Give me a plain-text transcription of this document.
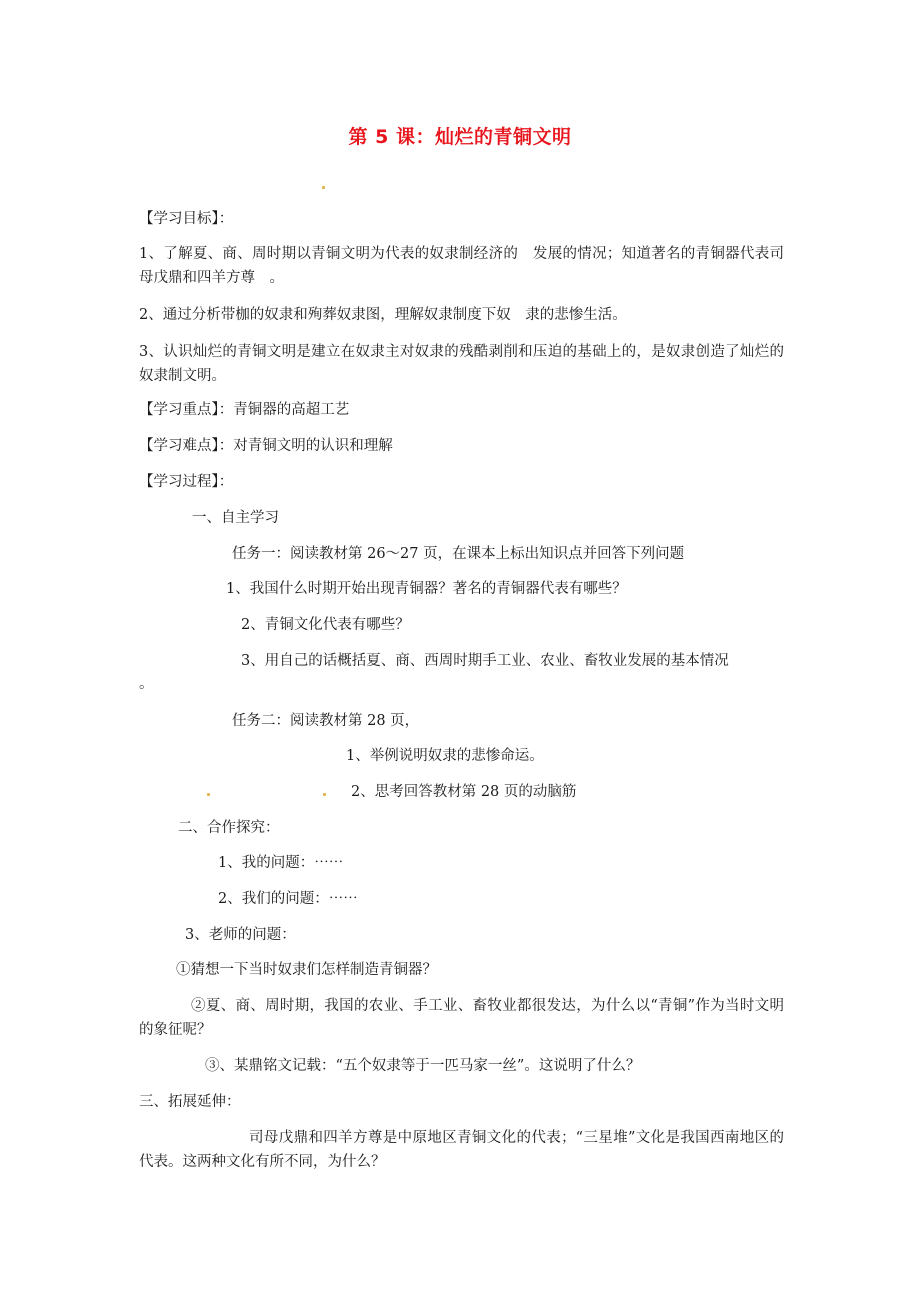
第 5 课：灿烂的青铜文明
【学习目标】：
1、了解夏、商、周时期以青铜文明为代表的奴隶制经济的　发展的情况；知道著名的青铜器代表司母戊鼎和四羊方尊　。
2、通过分析带枷的奴隶和殉葬奴隶图，理解奴隶制度下奴　隶的悲惨生活。
3、认识灿烂的青铜文明是建立在奴隶主对奴隶的残酷剥削和压迫的基础上的，是奴隶创造了灿烂的奴隶制文明。
【学习重点】：青铜器的高超工艺
【学习难点】：对青铜文明的认识和理解
【学习过程】：
一、自主学习
任务一：阅读教材第 26～27 页，在课本上标出知识点并回答下列问题
1、我国什么时期开始出现青铜器？著名的青铜器代表有哪些？
2、青铜文化代表有哪些？
3、用自己的话概括夏、商、西周时期手工业、农业、畜牧业发展的基本情况
。
任务二：阅读教材第 28 页，
1、举例说明奴隶的悲惨命运。
2、思考回答教材第 28 页的动脑筋
二、合作探究：
1、我的问题：⋯⋯
2、我们的问题：⋯⋯
3、老师的问题：
①猜想一下当时奴隶们怎样制造青铜器？
②夏、商、周时期，我国的农业、手工业、畜牧业都很发达，为什么以“青铜”作为当时文明的象征呢？
③、某鼎铭文记载：“五个奴隶等于一匹马家一丝”。这说明了什么？
三、拓展延伸：
司母戊鼎和四羊方尊是中原地区青铜文化的代表；“三星堆”文化是我国西南地区的代表。这两种文化有所不同，为什么？
